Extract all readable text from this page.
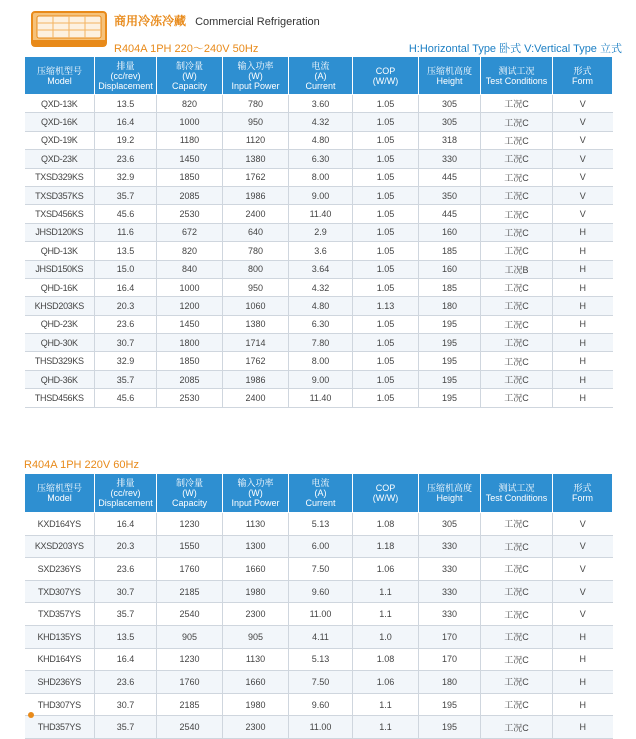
商用冷冻冷藏 Commercial Refrigeration
R404A 1PH 220～240V 50Hz	H:Horizontal Type 卧式 V:Vertical Type 立式
压缩机型号
Model	排量
(cc/rev)
Displacement	制冷量
(W)
Capacity	输入功率
(W)
Input Power	电流
(A)
Current	COP
(W/W)	压缩机高度
Height	测试工况
Test Conditions	形式
Form

QXD-13K	13.5	820	780	3.60	1.05	305	工况C	V
QXD-16K	16.4	1000	950	4.32	1.05	305	工况C	V
QXD-19K	19.2	1180	1120	4.80	1.05	318	工况C	V
QXD-23K	23.6	1450	1380	6.30	1.05	330	工况C	V
TXSD329KS	32.9	1850	1762	8.00	1.05	445	工况C	V
TXSD357KS	35.7	2085	1986	9.00	1.05	350	工况C	V
TXSD456KS	45.6	2530	2400	11.40	1.05	445	工况C	V
JHSD120KS	11.6	672	640	2.9	1.05	160	工况C	H
QHD-13K	13.5	820	780	3.6	1.05	185	工况C	H
JHSD150KS	15.0	840	800	3.64	1.05	160	工况B	H
QHD-16K	16.4	1000	950	4.32	1.05	185	工况C	H
KHSD203KS	20.3	1200	1060	4.80	1.13	180	工况C	H
QHD-23K	23.6	1450	1380	6.30	1.05	195	工况C	H
QHD-30K	30.7	1800	1714	7.80	1.05	195	工况C	H
THSD329KS	32.9	1850	1762	8.00	1.05	195	工况C	H
QHD-36K	35.7	2085	1986	9.00	1.05	195	工况C	H
THSD456KS	45.6	2530	2400	11.40	1.05	195	工况C	H
R404A 1PH 220V 60Hz
压缩机型号
Model	排量
(cc/rev)
Displacement	制冷量
(W)
Capacity	输入功率
(W)
Input Power	电流
(A)
Current	COP
(W/W)	压缩机高度
Height	测试工况
Test Conditions	形式
Form

KXD164YS	16.4	1230	1130	5.13	1.08	305	工况C	V
KXSD203YS	20.3	1550	1300	6.00	1.18	330	工况C	V
SXD236YS	23.6	1760	1660	7.50	1.06	330	工况C	V
TXD307YS	30.7	2185	1980	9.60	1.1	330	工况C	V
TXD357YS	35.7	2540	2300	11.00	1.1	330	工况C	V
KHD135YS	13.5	905	905	4.11	1.0	170	工况C	H
KHD164YS	16.4	1230	1130	5.13	1.08	170	工况C	H
SHD236YS	23.6	1760	1660	7.50	1.06	180	工况C	H
THD307YS	30.7	2185	1980	9.60	1.1	195	工况C	H
THD357YS	35.7	2540	2300	11.00	1.1	195	工况C	H
